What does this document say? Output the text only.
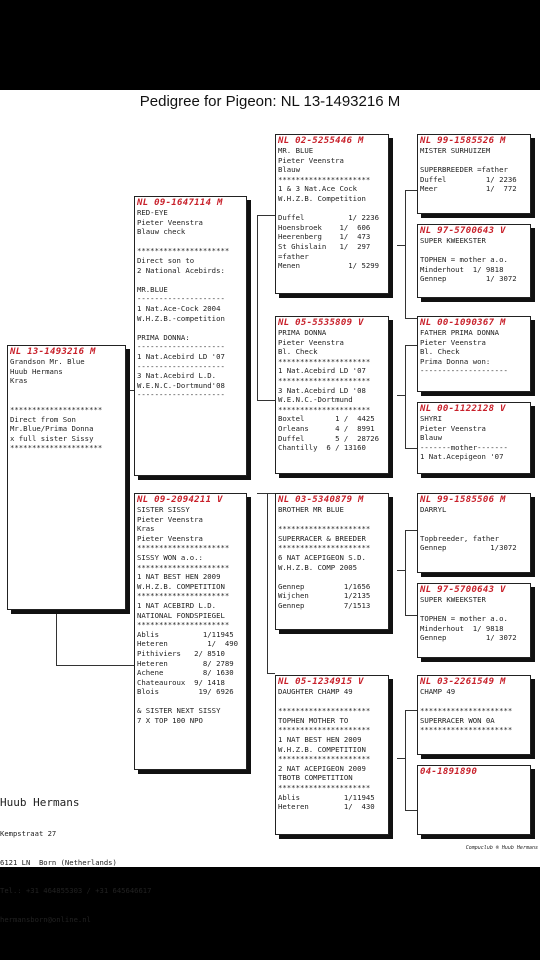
Pedigree for Pigeon: NL 13-1493216 M
NL 13-1493216 M
Grandson Mr. Blue
Huub Hermans
Kras

*********************
Direct from Son
Mr.Blue/Prima Donna
x full sister Sissy
*********************
NL 09-1647114 M
RED-EYE
Pieter Veenstra
Blauw check

*********************
Direct son to
2 National Acebirds:

MR.BLUE
--------------------
1 Nat.Ace-Cock 2004
W.H.Z.B.-competition

PRIMA DONNA:
--------------------
1 Nat.Acebird LD '07
--------------------
3 Nat.Acebird L.D.
W.E.N.C.-Dortmund'08
--------------------
NL 09-2094211 V
SISTER SISSY
Pieter Veenstra
Kras
Pieter Veenstra
*********************
SISSY WON a.o.:
*********************
1 NAT BEST HEN 2009
W.H.Z.B. COMPETITION
*********************
1 NAT ACEBIRD L.D.
NATIONAL FONDSPIEGEL
*********************
Ablis          1/11945
Heteren         1/  490
Pithiviers   2/ 8510
Heteren        8/ 2789
Achene         8/ 1630
Chateauroux  9/ 1418
Blois         19/ 6926

& SISTER NEXT SISSY
7 X TOP 100 NPO
NL 02-5255446 M
MR. BLUE
Pieter Veenstra
Blauw
*********************
1 & 3 Nat.Ace Cock
W.H.Z.B. Competition

Duffel          1/ 2236
Hoensbroek    1/  606
Heerenberg    1/  473
St Ghislain   1/  297
=father
Menen           1/ 5299
NL 05-5535809 V
PRIMA DONNA
Pieter Veenstra
Bl. Check
*********************
1 Nat.Acebird LD '07
*********************
3 Nat.Acebird LD '08
W.E.N.C.-Dortmund
*********************
Boxtel       1 /  4425
Orleans      4 /  8991
Duffel       5 /  28726
Chantilly  6 / 13160
NL 03-5340879 M
BROTHER MR BLUE

*********************
SUPERRACER & BREEDER
*********************
6 NAT ACEPIGEON S.D.
W.H.Z.B. COMP 2005

Gennep         1/1656
Wijchen        1/2135
Gennep         7/1513
NL 05-1234915 V
DAUGHTER CHAMP 49

*********************
TOPHEN MOTHER TO
*********************
1 NAT BEST HEN 2009
W.H.Z.B. COMPETITION
*********************
2 NAT ACEPIGEON 2009
TBOTB COMPETITION
*********************
Ablis          1/11945
Heteren        1/  430
NL 99-1585526 M
MISTER SURHUIZEM

SUPERBREEDER =father
Duffel         1/ 2236
Meer           1/  772
NL 97-5700643 V
SUPER KWEEKSTER

TOPHEN = mother a.o.
Minderhout  1/ 9818
Gennep         1/ 3072
NL 00-1090367 M
FATHER PRIMA DONNA
Pieter Veenstra
Bl. Check
Prima Donna won:
--------------------
NL 00-1122128 V
SHYRI
Pieter Veenstra
Blauw
-------mother-------
1 Nat.Acepigeon '07
NL 99-1585506 M
DARRYL

Topbreeder, father
Gennep          1/3072
NL 97-5700643 V
SUPER KWEEKSTER

TOPHEN = mother a.o.
Minderhout  1/ 9818
Gennep         1/ 3072
NL 03-2261549 M
CHAMP 49

*********************
SUPERRACER WON 0A
*********************
04-1891890

Huub Hermans

Kempstraat 27

6121 LN  Born (Netherlands)

Tel.: +31 464855303 / +31 645646617

hermansborn@online.nl

Compuclub ® Huub Hermans
